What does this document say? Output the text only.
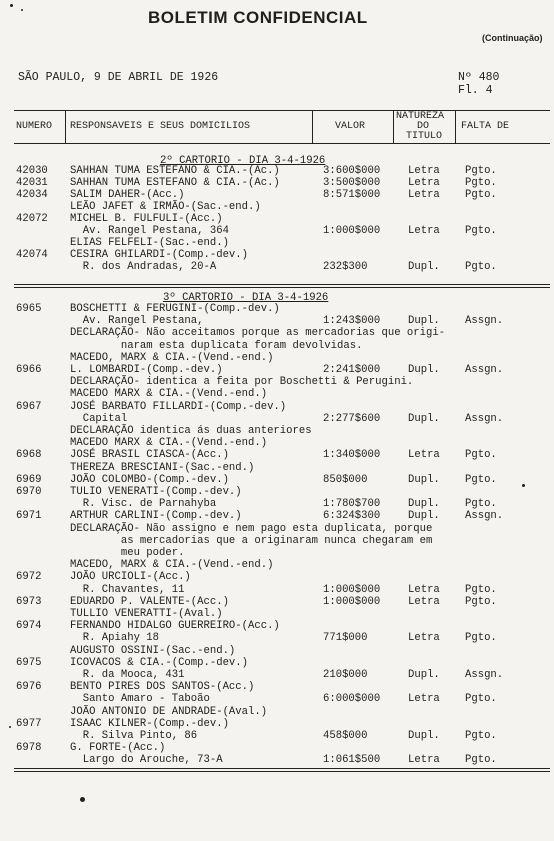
BOLETIM CONFIDENCIAL
(Continuação)
SÃO PAULO, 9 DE ABRIL DE 1926	Nº 480
Fl. 4
NUMERO RESPONSAVEIS E SEUS DOMICILIOS	VALOR
NATUREZA
DO
TITULO
FALTA DE
2º CARTORIO - DIA 3-4-1926
42030 SAHHAN TUMA ESTEFANO & CIA.-(Ac.)	3:600$000	Letra Pgto.
42031 SAHHAN TUMA ESTEFANO & CIA.-(Ac.)	3:500$000	Letra Pgto.
42034 SALIM DAHER-(Acc.)	8:571$000	Letra Pgto.
LEÃO JAFET & IRMÃO-(Sac.-end.)
42072 MICHEL B. FULFULI-(Acc.)
Av. Rangel Pestana, 364	1:000$000	Letra Pgto.
ELIAS FELFELI-(Sac.-end.)
42074 CESIRA GHILARDI-(Comp.-dev.)
R. dos Andradas, 20-A	232$300	Dupl. Pgto.
3º CARTORIO - DIA 3-4-1926
6965	BOSCHETTI & FERUGINI-(Comp.-dev.)
Av. Rangel Pestana,	1:243$000	Dupl. Assgn.
DECLARAÇÃO- Não acceitamos porque as mercadorias que origi-
naram esta duplicata foram devolvidas.
MACEDO, MARX & CIA.-(Vend.-end.)
6966	L. LOMBARDI-(Comp.-dev.)	2:241$000	Dupl. Assgn.
DECLARAÇÃO- identica a feita por Boschetti & Perugini.
MACEDO MARX & CIA.-(Vend.-end.)
6967	JOSÉ BARBATO FILLARDI-(Comp.-dev.)
Capital	2:277$600	Dupl. Assgn.
DECLARAÇÃO identica ás duas anteriores
MACEDO MARX & CIA.-(Vend.-end.)
6968	JOSÉ BRASIL CIASCA-(Acc.)	1:340$000	Letra Pgto.
THEREZA BRESCIANI-(Sac.-end.)
6969	JOÃO COLOMBO-(Comp.-dev.)	850$000	Dupl. Pgto.
6970	TULIO VENERATI-(Comp.-dev.)
R. Visc. de Parnahyba	1:780$700	Dupl. Pgto.
6971	ARTHUR CARLINI-(Comp.-dev.)	6:324$300	Dupl. Assgn.
DECLARAÇÃO- Não assigno e nem pago esta duplicata, porque
as mercadorias que a originaram nunca chegaram em
meu poder.
MACEDO, MARX & CIA.-(Vend.-end.)
6972	JOÃO URCIOLI-(Acc.)
R. Chavantes, 11	1:000$000	Letra Pgto.
6973	EDUARDO P. VALENTE-(Acc.)	1:000$000	Letra Pgto.
TULLIO VENERATTI-(Aval.)
6974	FERNANDO HIDALGO GUERREIRO-(Acc.)
R. Apiahy 18	771$000	Letra Pgto.
AUGUSTO OSSINI-(Sac.-end.)
6975	ICOVACOS & CIA.-(Comp.-dev.)
R. da Mooca, 431	210$000	Dupl. Assgn.
6976	BENTO PIRES DOS SANTOS-(Acc.)
Santo Amaro - Taboão	6:000$000	Letra Pgto.
JOÃO ANTONIO DE ANDRADE-(Aval.)
6977	ISAAC KILNER-(Comp.-dev.)
R. Silva Pinto, 86	458$000	Dupl. Pgto.
6978	G. FORTE-(Acc.)
Largo do Arouche, 73-A	1:061$500	Letra Pgto.
